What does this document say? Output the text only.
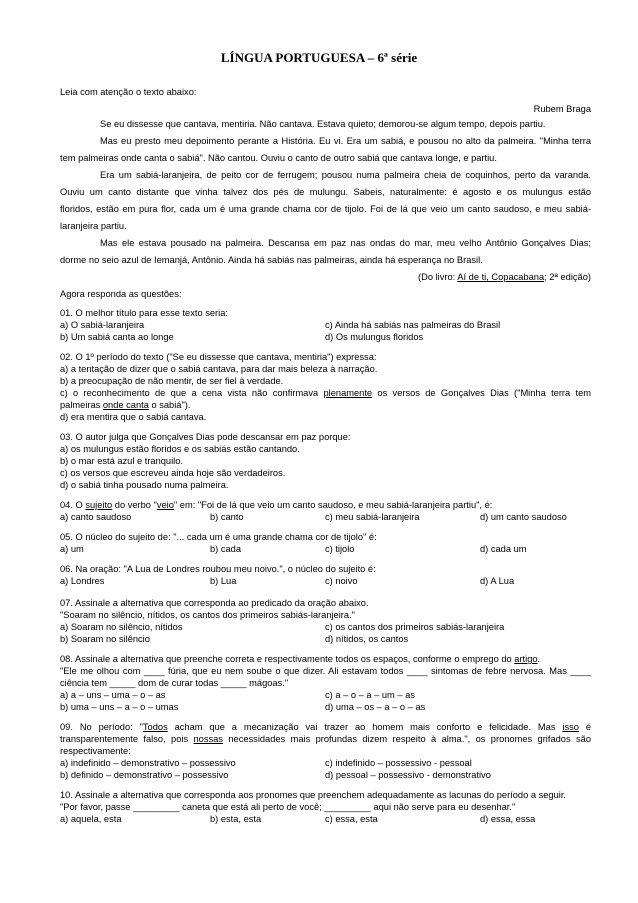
LÍNGUA PORTUGUESA – 6ª série
Leia com atenção o texto abaixo:
Rubem Braga
Se eu dissesse que cantava, mentiria. Não cantava. Estava quieto; demorou-se algum tempo, depois partiu.
Mas eu presto meu depoimento perante a História. Eu vi. Era um sabiá, e pousou no alto da palmeira. "Minha terra
tem palmeiras onde canta o sabiá". Não cantou. Ouviu o canto de outro sabiá que cantava longe, e partiu.
Era um sabiá-laranjeira, de peito cor de ferrugem; pousou numa palmeira cheia de coquinhos, perto da varanda.
Ouviu um canto distante que vinha talvez dos pés de mulungu. Sabeis, naturalmente: é agosto e os mulungus estão
floridos, estão em pura flor, cada um é uma grande chama cor de tijolo. Foi de lá que veio um canto saudoso, e meu sabiá-
laranjeira partiu.
Mas ele estava pousado na palmeira. Descansa em paz nas ondas do mar, meu velho Antônio Gonçalves Dias;
dorme no seio azul de Iemanjá, Antônio. Ainda há sabiás nas palmeiras, ainda há esperança no Brasil.
(Do livro: Aí de ti, Copacabana; 2ª edição)
Agora responda as questões:
01. O melhor título para esse texto seria:
a) O sabiá-laranjeira	c) Ainda há sabiás nas palmeiras do Brasil
b) Um sabiá canta ao longe	d) Os mulungus floridos
02. O 1º período do texto ("Se eu dissesse que cantava, mentiria") expressa:
a) a tentação de dizer que o sabiá cantava, para dar mais beleza à narração.
b) a preocupação de não mentir, de ser fiel à verdade.
c) o reconhecimento de que a cena vista não confirmava plenamente os versos de Gonçalves Dias ("Minha terra tem
palmeiras onde canta o sabiá").
d) era mentira que o sabiá cantava.
03. O autor julga que Gonçalves Dias pode descansar em paz porque:
a) os mulungus estão floridos e os sabiás estão cantando.
b) o mar está azul e tranquilo.
c) os versos que escreveu ainda hoje são verdadeiros.
d) o sabiá tinha pousado numa palmeira.
04. O sujeito do verbo "veio" em: "Foi de lá que veio um canto saudoso, e meu sabiá-laranjeira partiu", é:
a) canto saudoso	b) canto	c) meu sabiá-laranjeira	d) um canto saudoso
05. O núcleo do sujeito de: "... cada um é uma grande chama cor de tijolo" é:
a) um	b) cada	c) tijolo	d) cada um
06. Na oração: "A Lua de Londres roubou meu noivo.", o núcleo do sujeito é:
a) Londres	b) Lua	c) noivo	d) A Lua
07. Assinale a alternativa que corresponda ao predicado da oração abaixo.
"Soaram no silêncio, nítidos, os cantos dos primeiros sabiás-laranjeira."
a) Soaram no silêncio, nítidos	c) os cantos dos primeiros sabiás-laranjeira
b) Soaram no silêncio	d) nítidos, os cantos
08. Assinale a alternativa que preenche correta e respectivamente todos os espaços, conforme o emprego do artigo.
"Ele me olhou com ____ fúria, que eu nem soube o que dizer. Ali estavam todos ____ sintomas de febre nervosa. Mas ____
ciência tem _____ dom de curar todas _____ mágoas."
a) a – uns – uma – o – as	c) a – o – a – um – as
b) uma – uns – a – o – umas	d) uma – os – a – o – as
09. No período: "Todos acham que a mecanização vai trazer ao homem mais conforto e felicidade. Mas isso é
transparentemente falso, pois nossas necessidades mais profundas dizem respeito à alma.", os pronomes grifados são
respectivamente:
a) indefinido – demonstrativo – possessivo	c) indefinido – possessivo - pessoal
b) definido – demonstrativo – possessivo	d) pessoal – possessivo - demonstrativo
10. Assinale a alternativa que corresponda aos pronomes que preenchem adequadamente as lacunas do período a seguir.
"Por favor, passe _________ caneta que está ali perto de você; _________ aqui não serve para eu desenhar."
a) aquela, esta	b) esta, esta	c) essa, esta	d) essa, essa
